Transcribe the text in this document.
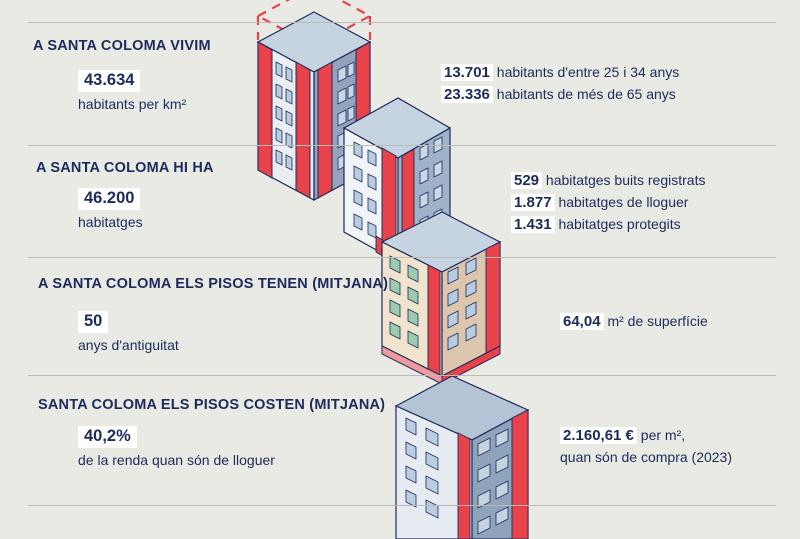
A SANTA COLOMA VIVIM
43.634
habitants per km²
A SANTA COLOMA HI HA
46.200
habitatges
A SANTA COLOMA ELS PISOS TENEN (MITJANA)
50
anys d'antiguitat
SANTA COLOMA ELS PISOS COSTEN (MITJANA)
40,2%
de la renda quan són de lloguer
13.701 habitants d'entre 25 i 34 anys
23.336 habitants de més de 65 anys
529 habitatges buits registrats
1.877 habitatges de lloguer
1.431 habitatges protegits
64,04 m² de superfície
2.160,61 € per m²,
quan són de compra (2023)
